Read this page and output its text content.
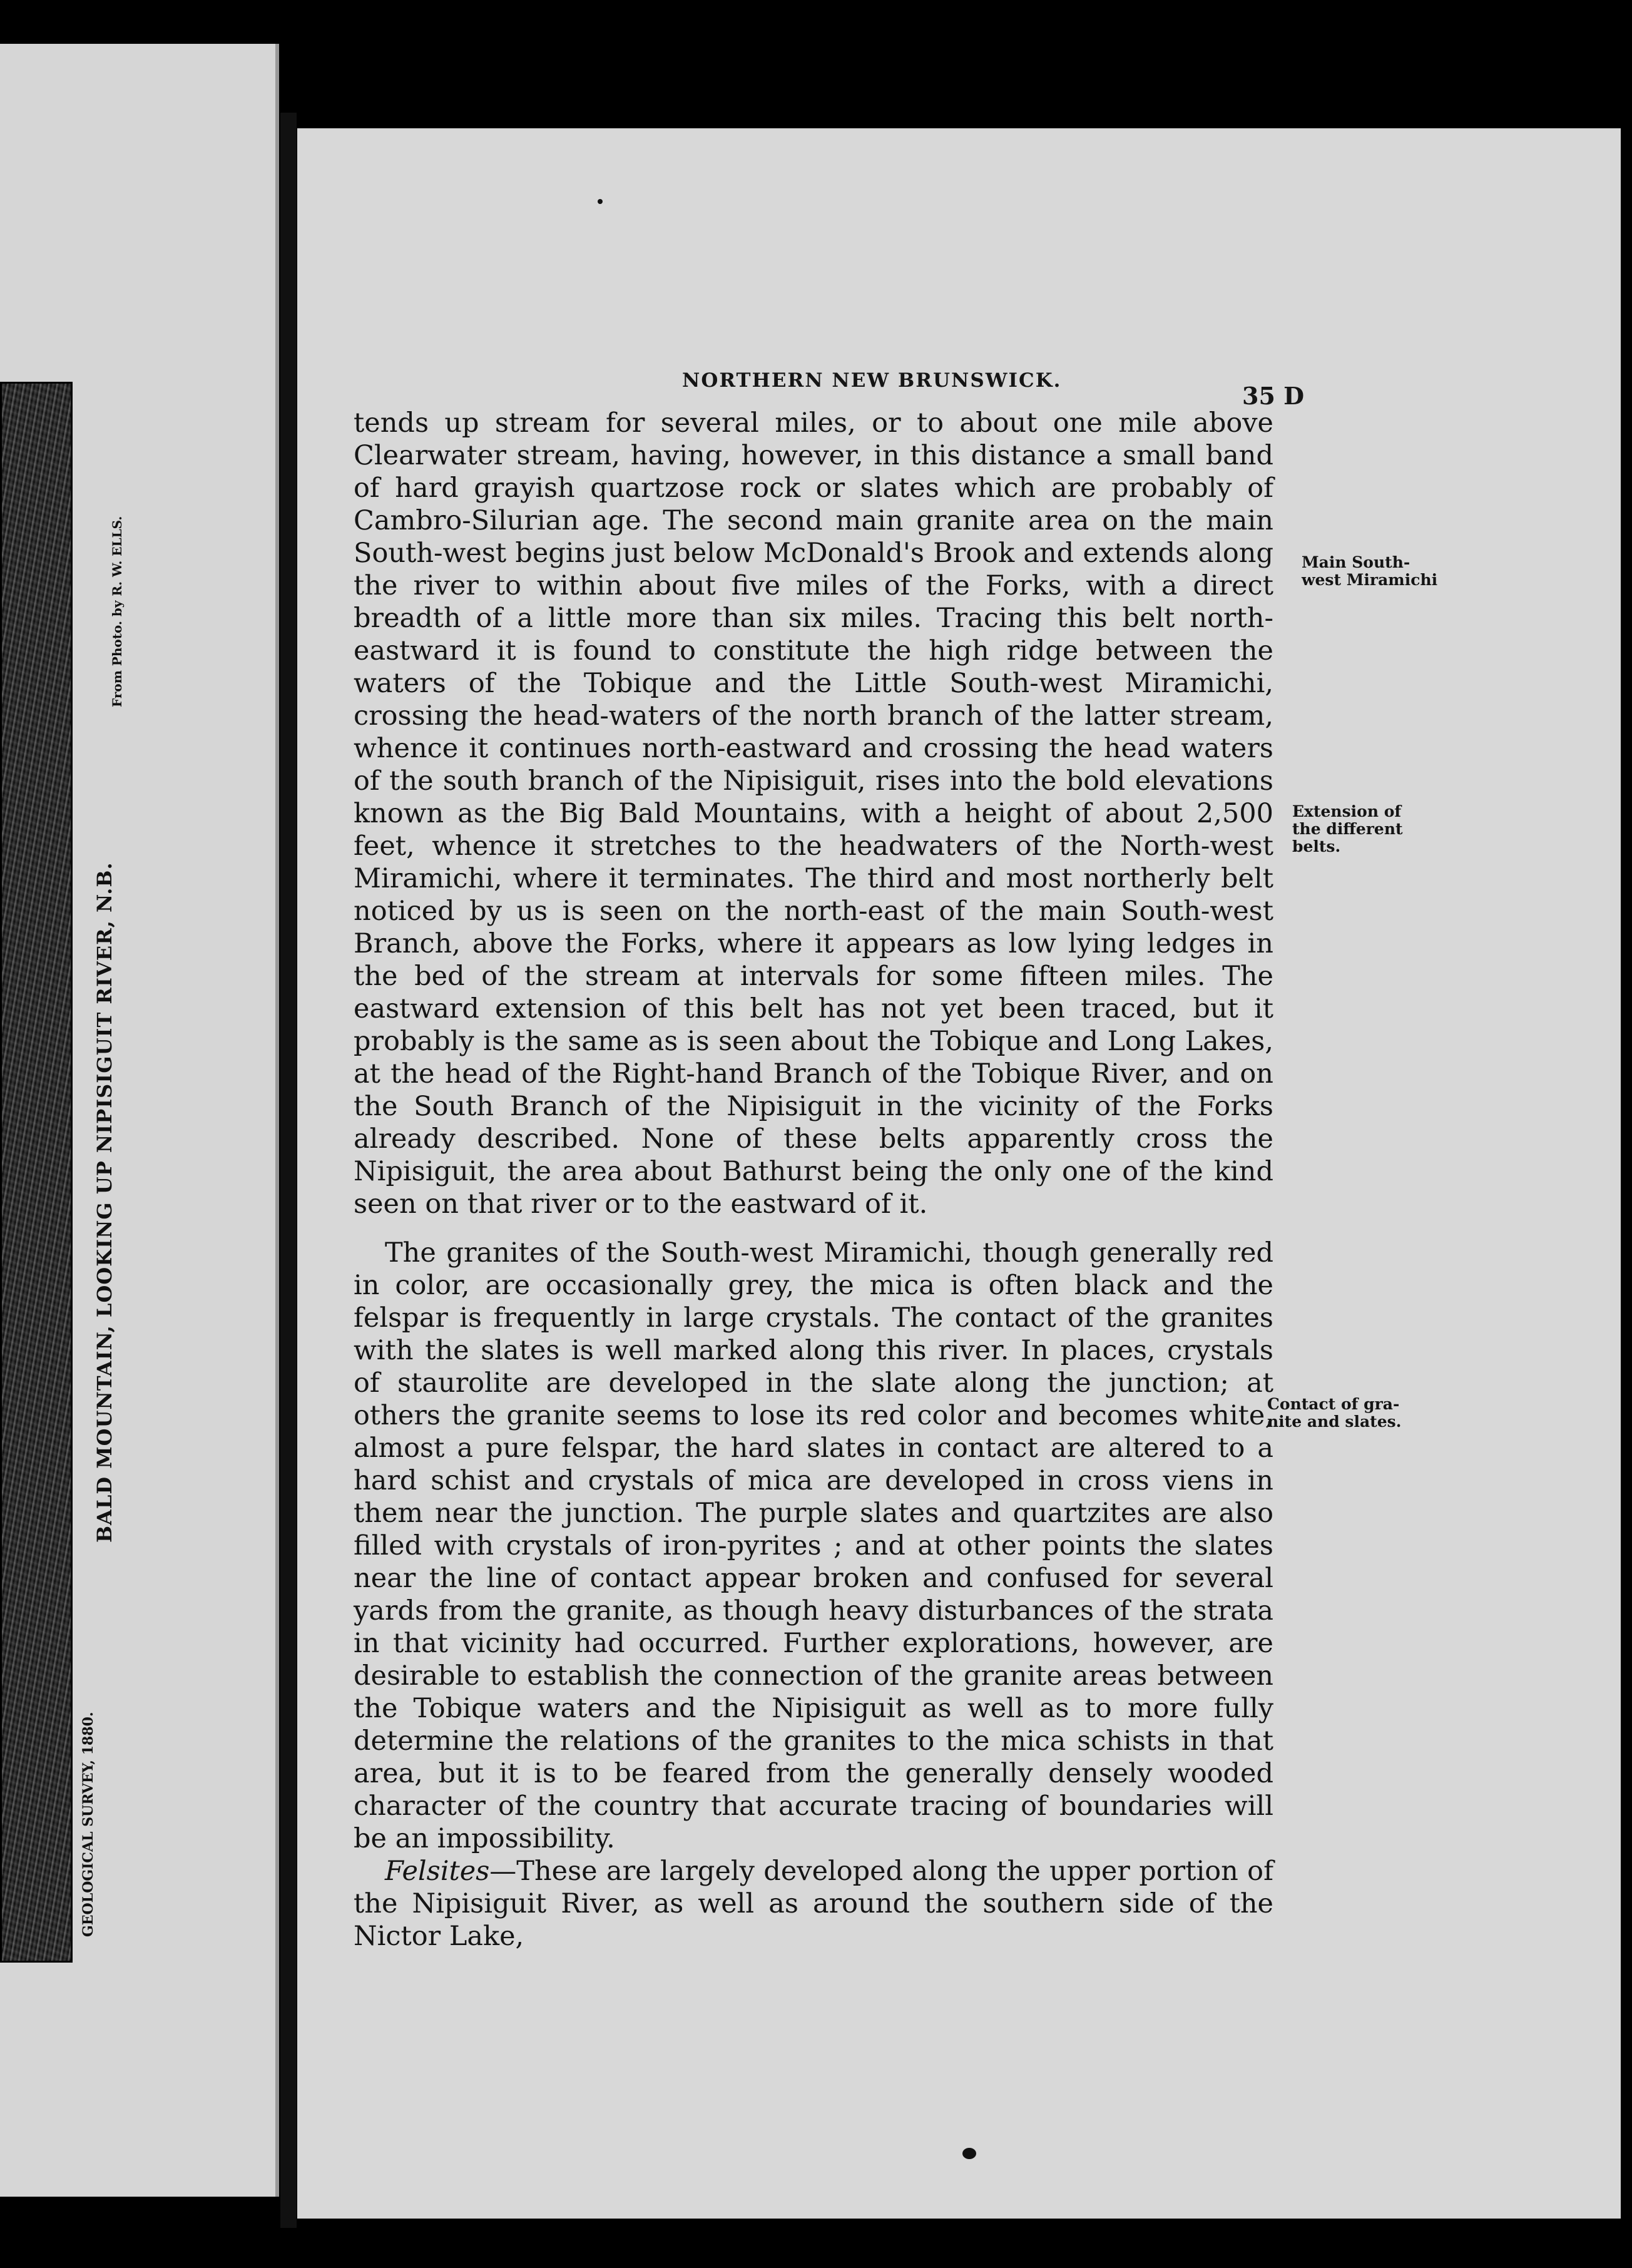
BALD MOUNTAIN, LOOKING UP NIPISIGUIT RIVER, N.B.
From Photo. by R. W. ELLS.
GEOLOGICAL SURVEY, 1880.
NORTHERN NEW BRUNSWICK.
35 D

tends up stream for several miles, or to about one mile above Clearwater stream, having, however, in this distance a small band of hard grayish quartzose rock or slates which are probably of Cambro-Silurian age. The second main granite area on the main South-west begins just below McDonald's Brook and extends along the river to within about five miles of the Forks, with a direct breadth of a little more than six miles. Tracing this belt north-eastward it is found to constitute the high ridge between the waters of the Tobique and the Little South-west Miramichi, crossing the head-waters of the north branch of the latter stream, whence it continues north-eastward and crossing the head waters of the south branch of the Nipisiguit, rises into the bold elevations known as the Big Bald Mountains, with a height of about 2,500 feet, whence it stretches to the headwaters of the North-west Miramichi, where it terminates. The third and most northerly belt noticed by us is seen on the north-east of the main South-west Branch, above the Forks, where it appears as low lying ledges in the bed of the stream at intervals for some fifteen miles. The eastward extension of this belt has not yet been traced, but it probably is the same as is seen about the Tobique and Long Lakes, at the head of the Right-hand Branch of the Tobique River, and on the South Branch of the Nipisiguit in the vicinity of the Forks already described. None of these belts apparently cross the Nipisiguit, the area about Bathurst being the only one of the kind seen on that river or to the eastward of it.

The granites of the South-west Miramichi, though generally red in color, are occasionally grey, the mica is often black and the felspar is frequently in large crystals. The contact of the granites with the slates is well marked along this river. In places, crystals of staurolite are developed in the slate along the junction; at others the granite seems to lose its red color and becomes white, almost a pure felspar, the hard slates in contact are altered to a hard schist and crystals of mica are developed in cross viens in them near the junction. The purple slates and quartzites are also filled with crystals of iron-pyrites ; and at other points the slates near the line of contact appear broken and confused for several yards from the granite, as though heavy disturbances of the strata in that vicinity had occurred. Further explorations, however, are desirable to establish the connection of the granite areas between the Tobique waters and the Nipisiguit as well as to more fully determine the relations of the granites to the mica schists in that area, but it is to be feared from the generally densely wooded character of the country that accurate tracing of boundaries will be an impossibility.

Felsites—These are largely developed along the upper portion of the Nipisiguit River, as well as around the southern side of the Nictor Lake,

Main South-
west Miramichi
Extension of
the different
belts.
Contact of gra-
nite and slates.
